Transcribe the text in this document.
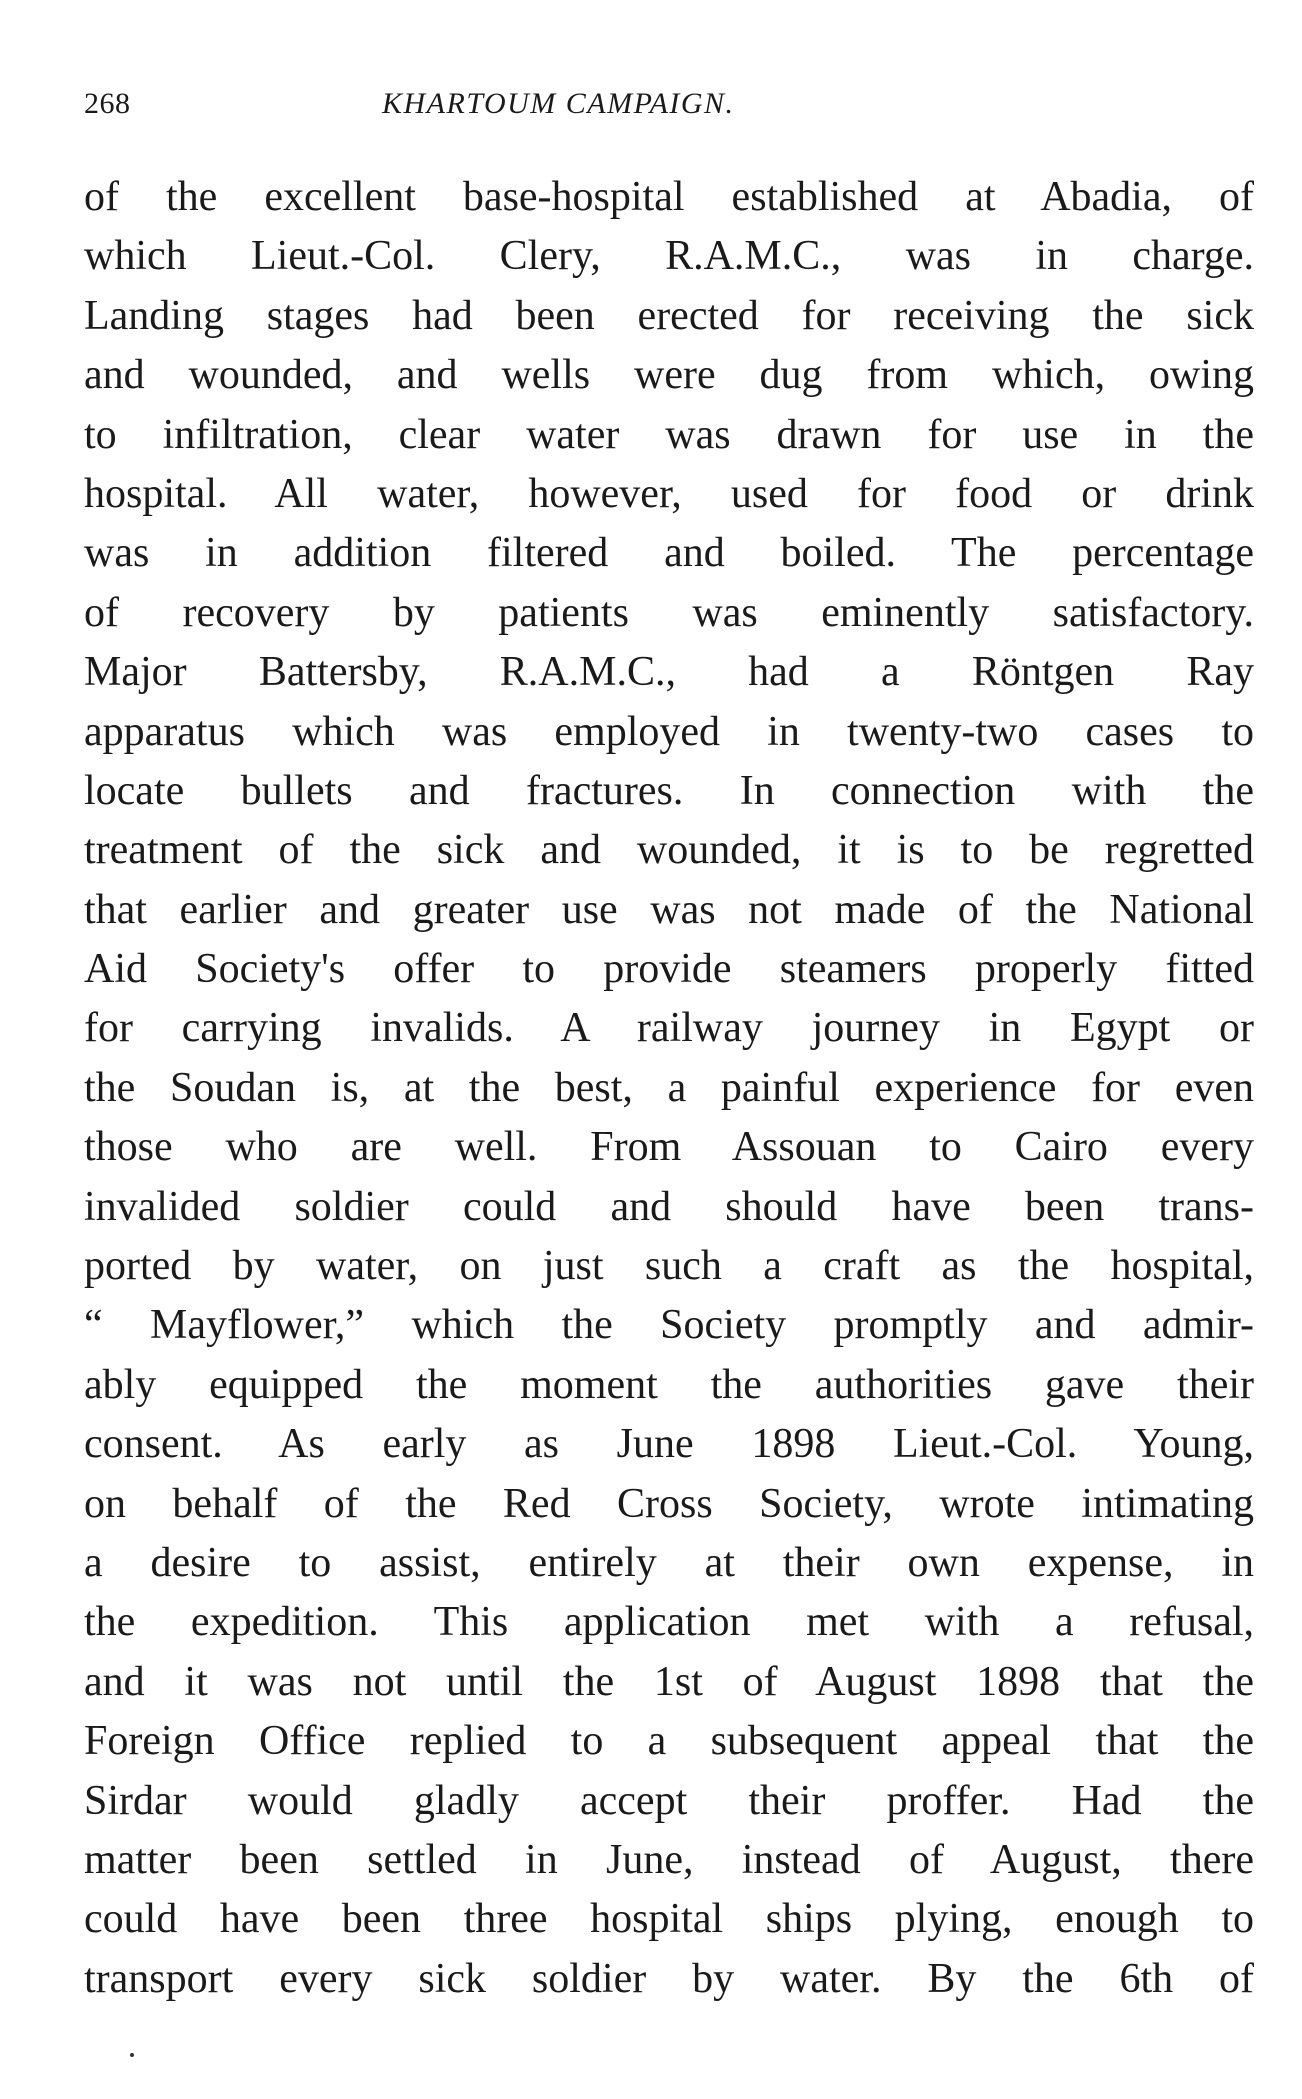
268	KHARTOUM CAMPAIGN.
of the excellent base-hospital established at Abadia, of
which Lieut.-Col. Clery, R.A.M.C., was in charge.
Landing stages had been erected for receiving the sick
and wounded, and wells were dug from which, owing
to infiltration, clear water was drawn for use in the
hospital. All water, however, used for food or drink
was in addition filtered and boiled. The percentage
of recovery by patients was eminently satisfactory.
Major Battersby, R.A.M.C., had a Röntgen Ray
apparatus which was employed in twenty-two cases to
locate bullets and fractures. In connection with the
treatment of the sick and wounded, it is to be regretted
that earlier and greater use was not made of the National
Aid Society's offer to provide steamers properly fitted
for carrying invalids. A railway journey in Egypt or
the Soudan is, at the best, a painful experience for even
those who are well. From Assouan to Cairo every
invalided soldier could and should have been trans-
ported by water, on just such a craft as the hospital,
“ Mayflower,” which the Society promptly and admir-
ably equipped the moment the authorities gave their
consent. As early as June 1898 Lieut.-Col. Young,
on behalf of the Red Cross Society, wrote intimating
a desire to assist, entirely at their own expense, in
the expedition. This application met with a refusal,
and it was not until the 1st of August 1898 that the
Foreign Office replied to a subsequent appeal that the
Sirdar would gladly accept their proffer. Had the
matter been settled in June, instead of August, there
could have been three hospital ships plying, enough to
transport every sick soldier by water. By the 6th of
